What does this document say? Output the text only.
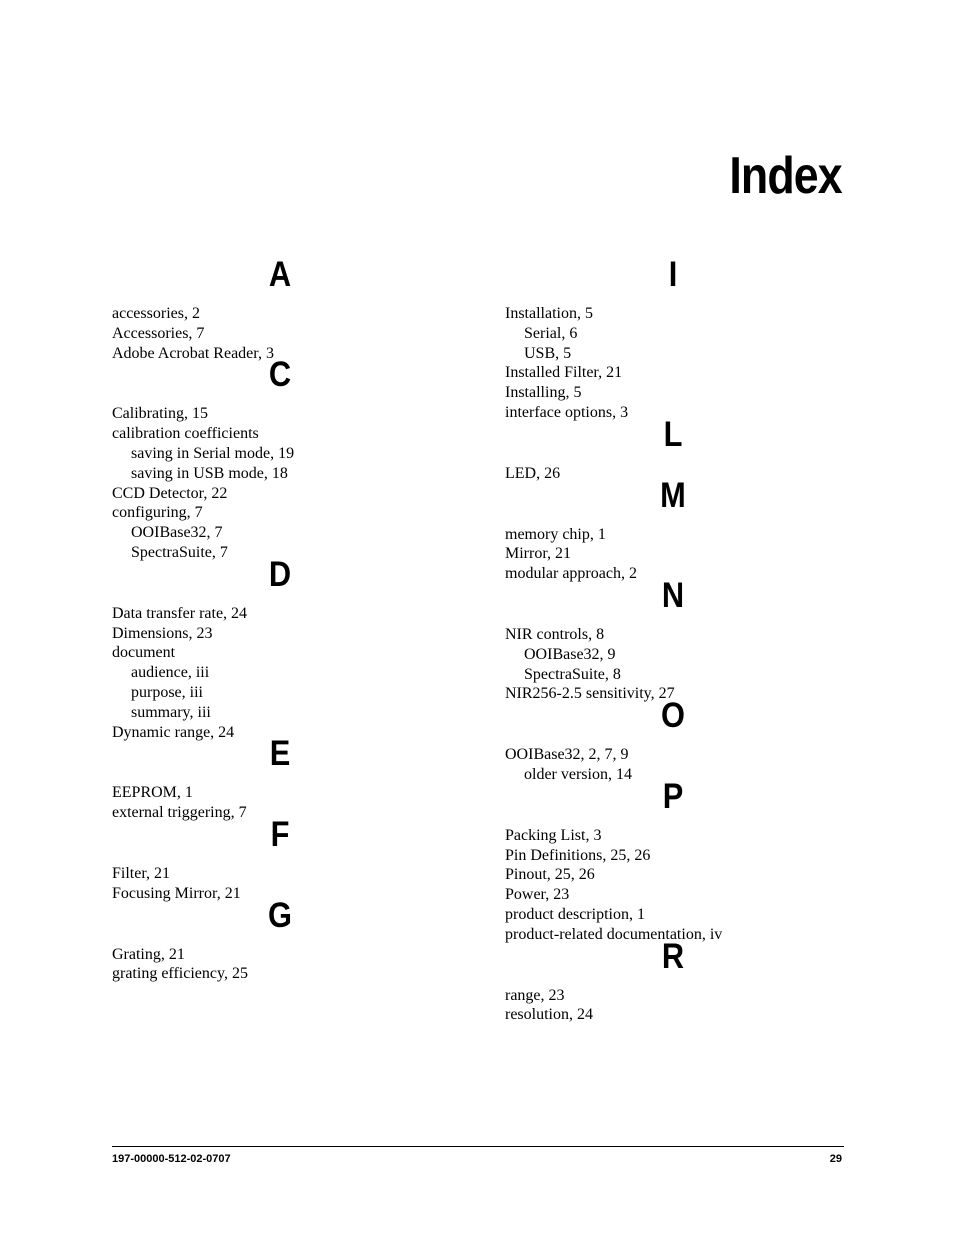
Index
A
accessories, 2
Accessories, 7
Adobe Acrobat Reader, 3
C
Calibrating, 15
calibration coefficients
saving in Serial mode, 19
saving in USB mode, 18
CCD Detector, 22
configuring, 7
OOIBase32, 7
SpectraSuite, 7
D
Data transfer rate, 24
Dimensions, 23
document
audience, iii
purpose, iii
summary, iii
Dynamic range, 24
E
EEPROM, 1
external triggering, 7
F
Filter, 21
Focusing Mirror, 21
G
Grating, 21
grating efficiency, 25
I
Installation, 5
Serial, 6
USB, 5
Installed Filter, 21
Installing, 5
interface options, 3
L
LED, 26
M
memory chip, 1
Mirror, 21
modular approach, 2
N
NIR controls, 8
OOIBase32, 9
SpectraSuite, 8
NIR256-2.5 sensitivity, 27
O
OOIBase32, 2, 7, 9
older version, 14
P
Packing List, 3
Pin Definitions, 25, 26
Pinout, 25, 26
Power, 23
product description, 1
product-related documentation, iv
R
range, 23
resolution, 24
197-00000-512-02-0707	29
